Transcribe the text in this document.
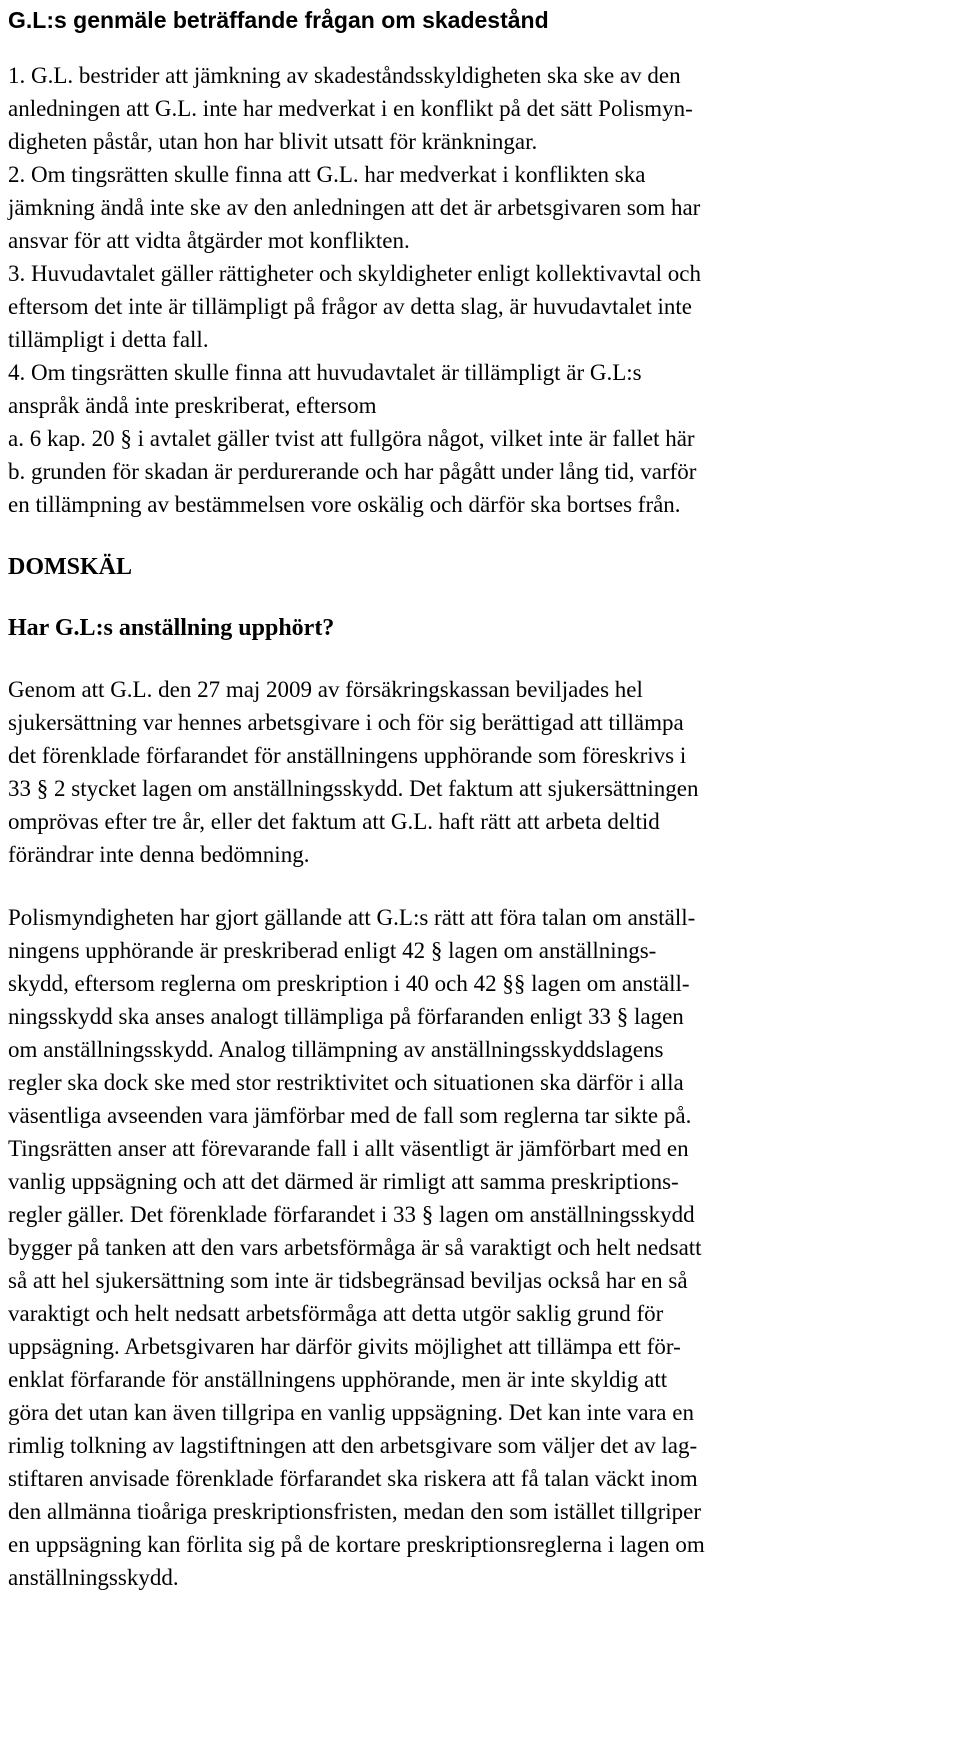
G.L:s genmäle beträffande frågan om skadestånd
1. G.L. bestrider att jämkning av skadeståndsskyldigheten ska ske av den
anledningen att G.L. inte har medverkat i en konflikt på det sätt Polismyn-
digheten påstår, utan hon har blivit utsatt för kränkningar.
2. Om tingsrätten skulle finna att G.L. har medverkat i konflikten ska
jämkning ändå inte ske av den anledningen att det är arbetsgivaren som har
ansvar för att vidta åtgärder mot konflikten.
3. Huvudavtalet gäller rättigheter och skyldigheter enligt kollektivavtal och
eftersom det inte är tillämpligt på frågor av detta slag, är huvudavtalet inte
tillämpligt i detta fall.
4. Om tingsrätten skulle finna att huvudavtalet är tillämpligt är G.L:s
anspråk ändå inte preskriberat, eftersom
a. 6 kap. 20 § i avtalet gäller tvist att fullgöra något, vilket inte är fallet här
b. grunden för skadan är perdurerande och har pågått under lång tid, varför
en tillämpning av bestämmelsen vore oskälig och därför ska bortses från.
DOMSKÄL
Har G.L:s anställning upphört?
Genom att G.L. den 27 maj 2009 av försäkringskassan beviljades hel
sjukersättning var hennes arbetsgivare i och för sig berättigad att tillämpa
det förenklade förfarandet för anställningens upphörande som föreskrivs i
33 § 2 stycket lagen om anställningsskydd. Det faktum att sjukersättningen
omprövas efter tre år, eller det faktum att G.L. haft rätt att arbeta deltid
förändrar inte denna bedömning.
Polismyndigheten har gjort gällande att G.L:s rätt att föra talan om anställ-
ningens upphörande är preskriberad enligt 42 § lagen om anställnings-
skydd, eftersom reglerna om preskription i 40 och 42 §§ lagen om anställ-
ningsskydd ska anses analogt tillämpliga på förfaranden enligt 33 § lagen
om anställningsskydd. Analog tillämpning av anställningsskyddslagens
regler ska dock ske med stor restriktivitet och situationen ska därför i alla
väsentliga avseenden vara jämförbar med de fall som reglerna tar sikte på.
Tingsrätten anser att förevarande fall i allt väsentligt är jämförbart med en
vanlig uppsägning och att det därmed är rimligt att samma preskriptions-
regler gäller. Det förenklade förfarandet i 33 § lagen om anställningsskydd
bygger på tanken att den vars arbetsförmåga är så varaktigt och helt nedsatt
så att hel sjukersättning som inte är tidsbegränsad beviljas också har en så
varaktigt och helt nedsatt arbetsförmåga att detta utgör saklig grund för
uppsägning. Arbetsgivaren har därför givits möjlighet att tillämpa ett för-
enklat förfarande för anställningens upphörande, men är inte skyldig att
göra det utan kan även tillgripa en vanlig uppsägning. Det kan inte vara en
rimlig tolkning av lagstiftningen att den arbetsgivare som väljer det av lag-
stiftaren anvisade förenklade förfarandet ska riskera att få talan väckt inom
den allmänna tioåriga preskriptionsfristen, medan den som istället tillgriper
en uppsägning kan förlita sig på de kortare preskriptionsreglerna i lagen om
anställningsskydd.
